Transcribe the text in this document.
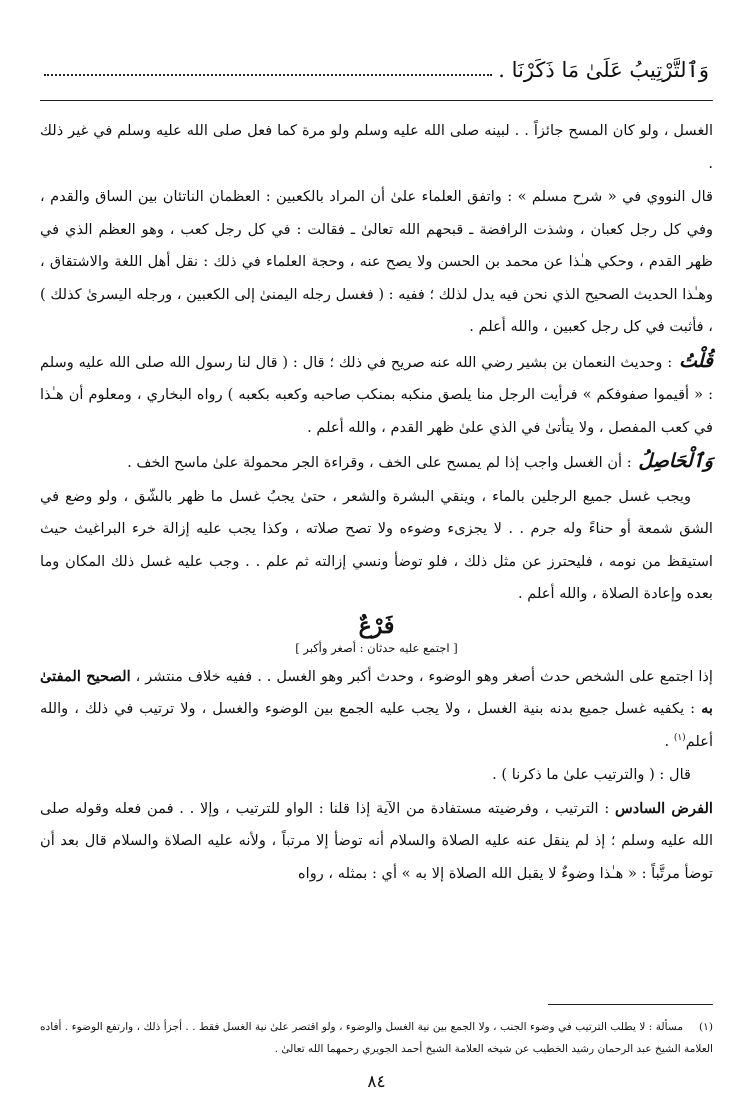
وَٱلتَّرْتِيبُ عَلَىٰ مَا ذَكَرْنَا .

الغسل ، ولو كان المسح جائزاً . . لبينه صلى الله عليه وسلم ولو مرة كما فعل صلى الله عليه وسلم في غير ذلك .

قال النووي في « شرح مسلم » : واتفق العلماء علىٰ أن المراد بالكعبين : العظمان الناتئان بين الساق والقدم ، وفي كل رجل كعبان ، وشذت الرافضة ـ قبحهم الله تعالىٰ ـ فقالت : في كل رجل كعب ، وهو العظم الذي في ظهر القدم ، وحكي هـٰذا عن محمد بن الحسن ولا يصح عنه ، وحجة العلماء في ذلك : نقل أهل اللغة والاشتقاق ، وهـٰذا الحديث الصحيح الذي نحن فيه يدل لذلك ؛ ففيه : ( فغسل رجله اليمنىٰ إلى الكعبين ، ورجله اليسرىٰ كذلك ) ، فأثبت في كل رجل كعبين ، والله أعلم .

قُلْتُ : وحديث النعمان بن بشير رضي الله عنه صريح في ذلك ؛ قال : ( قال لنا رسول الله صلى الله عليه وسلم : « أقيموا صفوفكم » فرأيت الرجل منا يلصق منكبه بمنكب صاحبه وكعبه بكعبه ) رواه البخاري ، ومعلوم أن هـٰذا في كعب المفصل ، ولا يتأتىٰ في الذي علىٰ ظهر القدم ، والله أعلم .

وَٱلْحَاصِلُ : أن الغسل واجب إذا لم يمسح على الخف ، وقراءة الجر محمولة علىٰ ماسح الخف .

ويجب غسل جميع الرجلين بالماء ، وينقي البشرة والشعر ، حتىٰ يجبُ غسل ما ظهر بالشّق ، ولو وضع في الشق شمعة أو حناءً وله جرم . . لا يجزىء وضوءه ولا تصح صلاته ، وكذا يجب عليه إزالة خرء البراغيث حيث استيقظ من نومه ، فليحترز عن مثل ذلك ، فلو توضأ ونسي إزالته ثم علم . . وجب عليه غسل ذلك المكان وما بعده وإعادة الصلاة ، والله أعلم .

فَرْعٌ
[ اجتمع عليه حدثان : أصغر وأكبر ]

إذا اجتمع على الشخص حدث أصغر وهو الوضوء ، وحدث أكبر وهو الغسل . . ففيه خلاف منتشر ، الصحيح المفتىٰ به : يكفيه غسل جميع بدنه بنية الغسل ، ولا يجب عليه الجمع بين الوضوء والغسل ، ولا ترتيب في ذلك ، والله أعلم$^{(١)}$ .

قال : ( والترتيب علىٰ ما ذكرنا ) .

الفرض السادس : الترتيب ، وفرضيته مستفادة من الآية إذا قلنا : الواو للترتيب ، وإلا . . فمن فعله وقوله صلى الله عليه وسلم ؛ إذ لم ينقل عنه عليه الصلاة والسلام أنه توضأ إلا مرتباً ، ولأنه عليه الصلاة والسلام قال بعد أن توضأ مرتَّباً : « هـٰذا وضوءٌ لا يقبل الله الصلاة إلا به » أي : بمثله ، رواه

(١)مسألة : لا يطلب الترتيب في وضوء الجنب ، ولا الجمع بين نية الغسل والوضوء ، ولو اقتصر علىٰ نية الغسل فقط . . أجزأ ذلك ، وارتفع الوضوء . أفاده العلامة الشيخ عبد الرحمان رشيد الخطيب عن شيخه العلامة الشيخ أحمد الجويري رحمهما الله تعالىٰ .
٨٤
